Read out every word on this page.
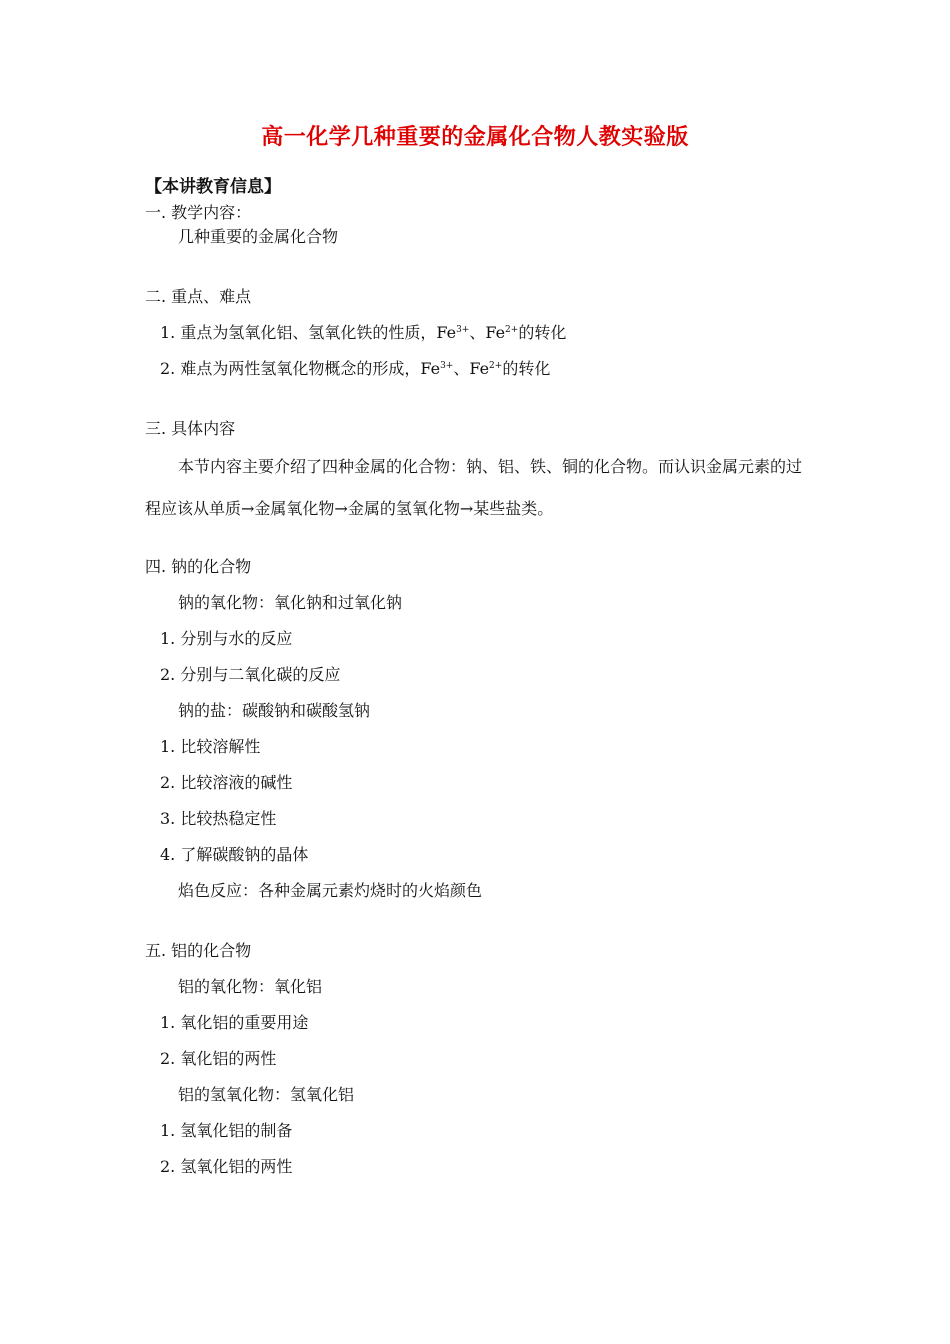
高一化学几种重要的金属化合物人教实验版
【本讲教育信息】
一. 教学内容：
几种重要的金属化合物
二. 重点、难点
1. 重点为氢氧化铝、氢氧化铁的性质，$Fe^{3+}$、$Fe^{2+}$的转化
2. 难点为两性氢氧化物概念的形成，$Fe^{3+}$、$Fe^{2+}$的转化
三. 具体内容
本节内容主要介绍了四种金属的化合物：钠、铝、铁、铜的化合物。而认识金属元素的过程应该从单质→金属氧化物→金属的氢氧化物→某些盐类。
四. 钠的化合物
钠的氧化物：氧化钠和过氧化钠
1. 分别与水的反应
2. 分别与二氧化碳的反应
钠的盐：碳酸钠和碳酸氢钠
1. 比较溶解性
2. 比较溶液的碱性
3. 比较热稳定性
4. 了解碳酸钠的晶体
焰色反应：各种金属元素灼烧时的火焰颜色
五. 铝的化合物
铝的氧化物：氧化铝
1. 氧化铝的重要用途
2. 氧化铝的两性
铝的氢氧化物：氢氧化铝
1. 氢氧化铝的制备
2. 氢氧化铝的两性
